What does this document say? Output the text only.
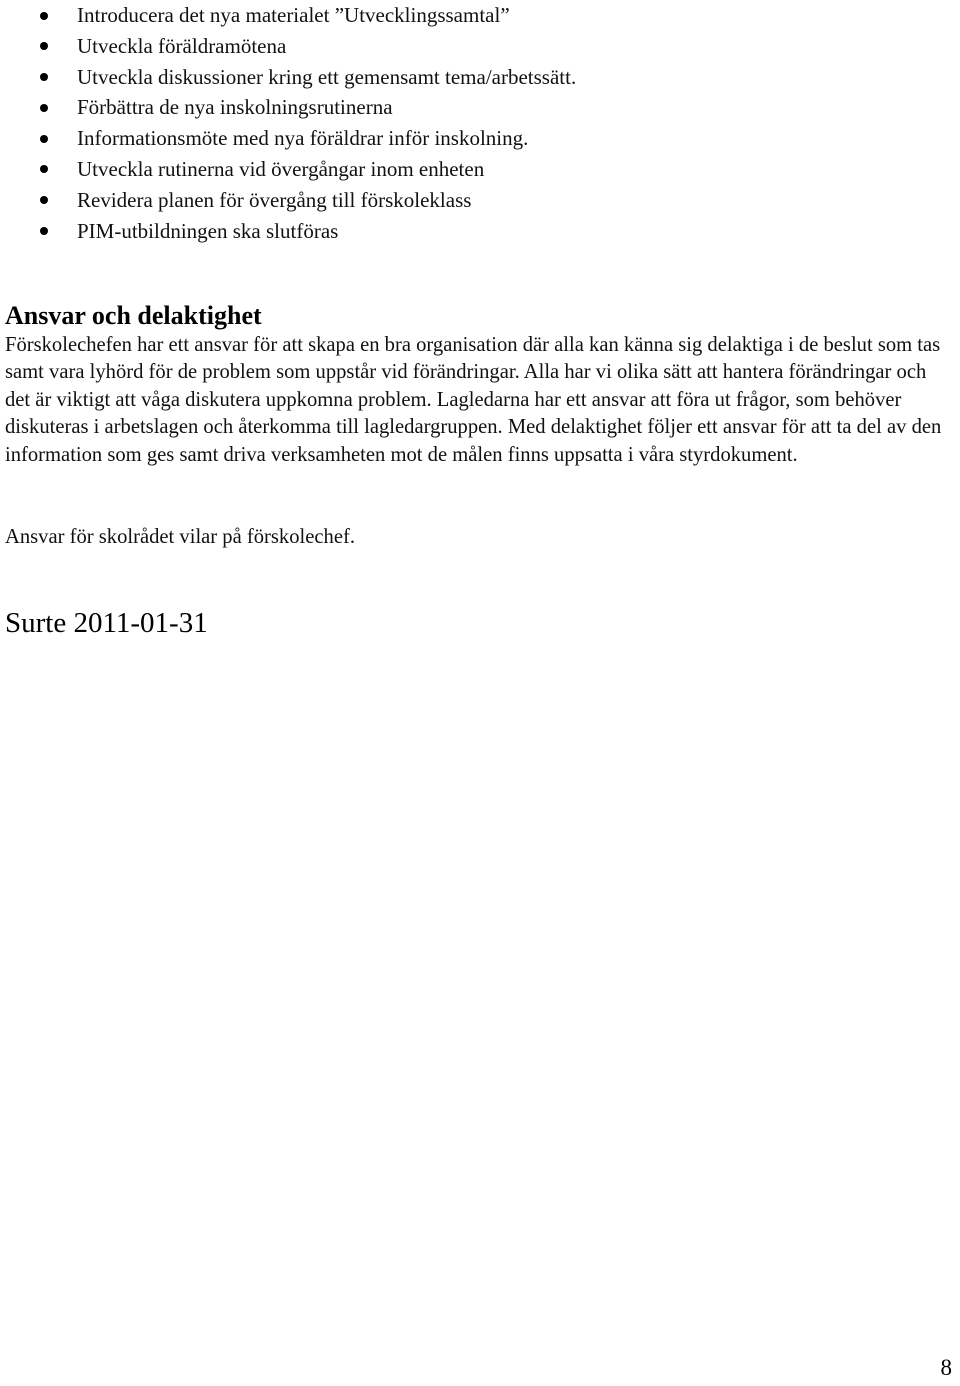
Introducera det nya materialet ”Utvecklingssamtal”
Utveckla föräldramötena
Utveckla diskussioner kring ett gemensamt tema/arbetssätt.
Förbättra de nya inskolningsrutinerna
Informationsmöte med nya föräldrar inför inskolning.
Utveckla rutinerna vid övergångar inom enheten
Revidera planen för övergång till förskoleklass
PIM-utbildningen ska slutföras
Ansvar och delaktighet

Förskolechefen har ett ansvar för att skapa en bra organisation där alla kan känna sig delaktiga i de beslut som tas samt vara lyhörd för de problem som uppstår vid förändringar. Alla har vi olika sätt att hantera förändringar och det är viktigt att våga diskutera uppkomna problem. Lagledarna har ett ansvar att föra ut frågor, som behöver diskuteras i arbetslagen och återkomma till lagledargruppen. Med delaktighet följer ett ansvar för att ta del av den information som ges samt driva verksamheten mot de målen finns uppsatta i våra styrdokument.

Ansvar för skolrådet vilar på förskolechef.

Surte 2011-01-31

8
